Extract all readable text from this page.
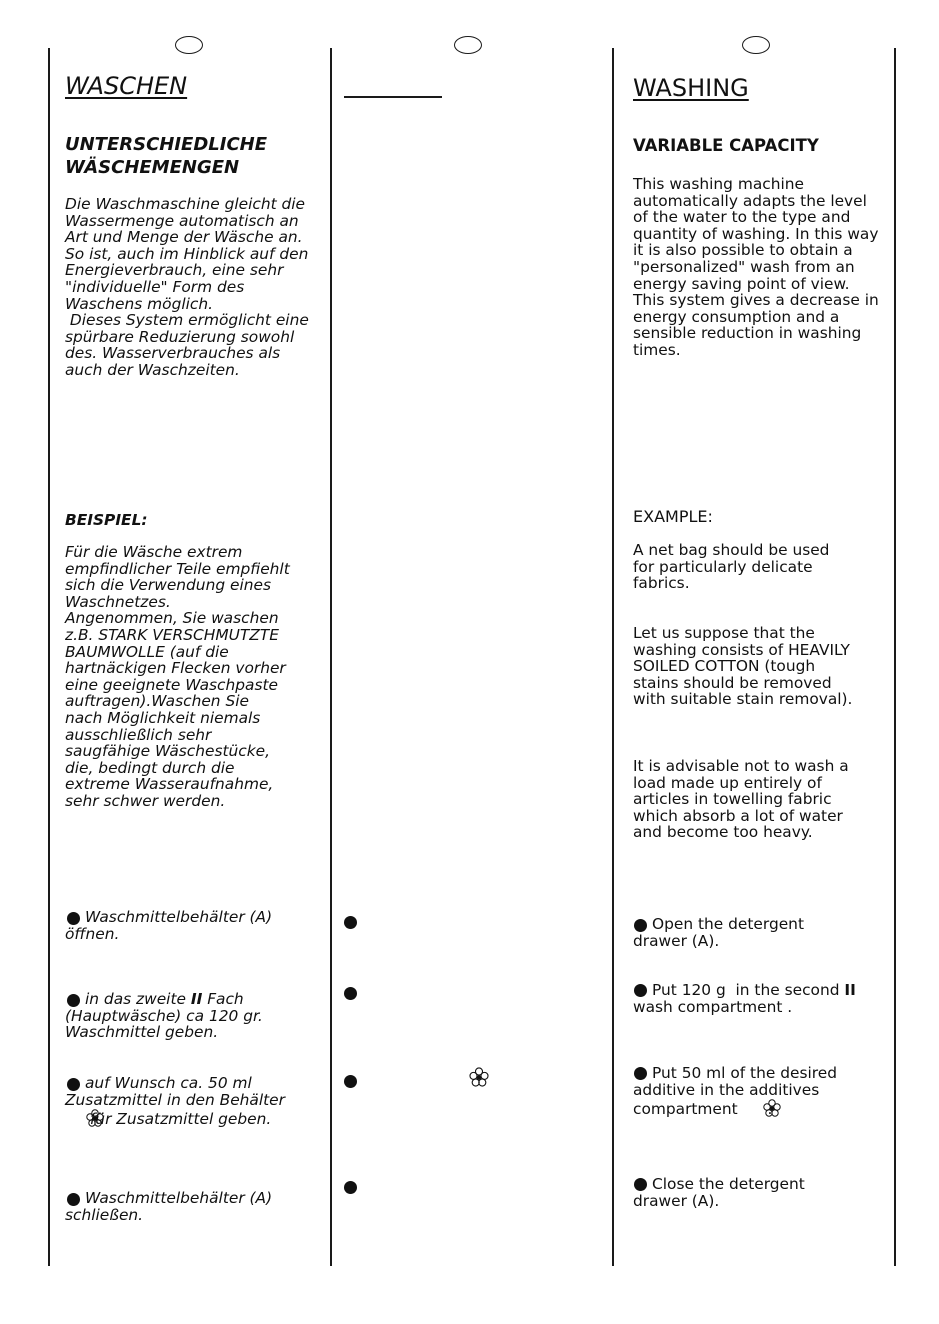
WASCHEN
UNTERSCHIEDLICHE
WÄSCHEMENGEN

Die Waschmaschine gleicht die
Wassermenge automatisch an
Art und Menge der Wäsche an.
So ist, auch im Hinblick auf den
Energieverbrauch, eine sehr
"individuelle" Form des
Waschens möglich.
Dieses System ermöglicht eine
spürbare Reduzierung sowohl
des. Wasserverbrauches als
auch der Waschzeiten.

BEISPIEL:

Für die Wäsche extrem
empfindlicher Teile empfiehlt
sich die Verwendung eines
Waschnetzes.
Angenommen, Sie waschen
z.B. STARK VERSCHMUTZTE
BAUMWOLLE (auf die
hartnäckigen Flecken vorher
eine geeignete Waschpaste
auftragen).Waschen Sie
nach Möglichkeit niemals
ausschließlich sehr
saugfähige Wäschestücke,
die, bedingt durch die
extreme Wasseraufnahme,
sehr schwer werden.

Waschmittelbehälter (A)
öffnen.

in das zweite II Fach
(Hauptwäsche) ca 120 gr.
Waschmittel geben.

auf Wunsch ca. 50 ml
Zusatzmittel in den Behälter
für Zusatzmittel geben.

Waschmittelbehälter (A)
schließen.

WASHING
VARIABLE CAPACITY

This washing machine
automatically adapts the level
of the water to the type and
quantity of washing. In this way
it is also possible to obtain a
"personalized" wash from an
energy saving point of view.
This system gives a decrease in
energy consumption and a
sensible reduction in washing
times.

EXAMPLE:

A net bag should be used
for particularly delicate
fabrics.

Let us suppose that the
washing consists of HEAVILY
SOILED COTTON (tough
stains should be removed
with suitable stain removal).

It is advisable not to wash a
load made up entirely of
articles in towelling fabric
which absorb a lot of water
and become too heavy.

Open the detergent
drawer (A).

Put 120 g  in the second II
wash compartment .

Put 50 ml of the desired
additive in the additives
compartment  .

Close the detergent
drawer (A).
